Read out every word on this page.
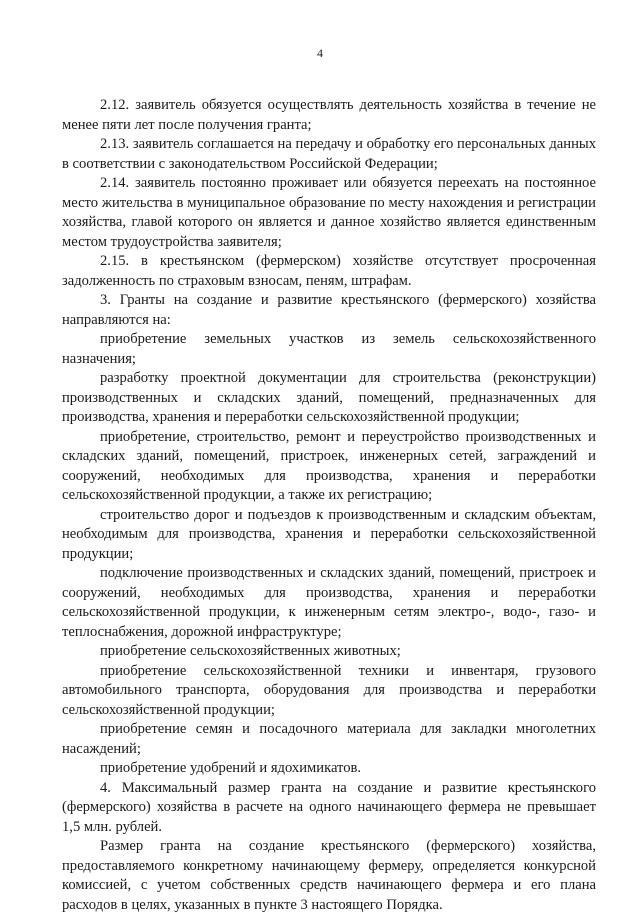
4

2.12. заявитель обязуется осуществлять деятельность хозяйства в течение не менее пяти лет после получения гранта;

2.13. заявитель соглашается на передачу и обработку его персональных данных в соответствии с законодательством Российской Федерации;

2.14. заявитель постоянно проживает или обязуется переехать на постоянное место жительства в муниципальное образование по месту нахождения и регистрации хозяйства, главой которого он является и данное хозяйство является единственным местом трудоустройства заявителя;

2.15. в крестьянском (фермерском) хозяйстве отсутствует просроченная задолженность по страховым взносам, пеням, штрафам.

3. Гранты на создание и развитие крестьянского (фермерского) хозяйства направляются на:

приобретение земельных участков из земель сельскохозяйственного назначения;

разработку проектной документации для строительства (реконструкции) производственных и складских зданий, помещений, предназначенных для производства, хранения и переработки сельскохозяйственной продукции;

приобретение, строительство, ремонт и переустройство производственных и складских зданий, помещений, пристроек, инженерных сетей, заграждений и сооружений, необходимых для производства, хранения и переработки сельскохозяйственной продукции, а также их регистрацию;

строительство дорог и подъездов к производственным и складским объектам, необходимым для производства, хранения и переработки сельскохозяйственной продукции;

подключение производственных и складских зданий, помещений, пристроек и сооружений, необходимых для производства, хранения и переработки сельскохозяйственной продукции, к инженерным сетям электро-, водо-, газо- и теплоснабжения, дорожной инфраструктуре;

приобретение сельскохозяйственных животных;

приобретение сельскохозяйственной техники и инвентаря, грузового автомобильного транспорта, оборудования для производства и переработки сельскохозяйственной продукции;

приобретение семян и посадочного материала для закладки многолетних насаждений;

приобретение удобрений и ядохимикатов.

4. Максимальный размер гранта на создание и развитие крестьянского (фермерского) хозяйства в расчете на одного начинающего фермера не превышает 1,5 млн. рублей.

Размер гранта на создание крестьянского (фермерского) хозяйства, предоставляемого конкретному начинающему фермеру, определяется конкурсной комиссией, с учетом собственных средств начинающего фермера и его плана расходов в целях, указанных в пункте 3 настоящего Порядка.
